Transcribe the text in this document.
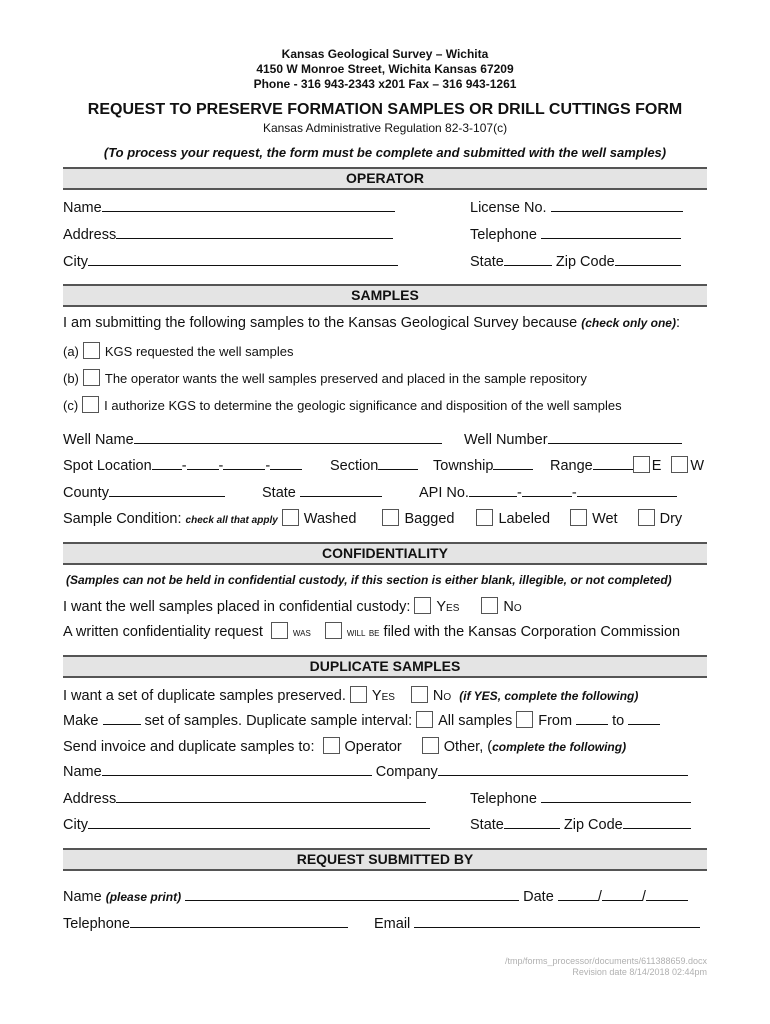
Kansas Geological Survey – Wichita
4150 W Monroe Street, Wichita Kansas 67209
Phone - 316 943-2343 x201 Fax – 316 943-1261
REQUEST TO PRESERVE FORMATION SAMPLES OR DRILL CUTTINGS FORM
Kansas Administrative Regulation 82-3-107(c)
(To process your request, the form must be complete and submitted with the well samples)
OPERATOR
Name	License No.
Address	Telephone
City	State	Zip Code
SAMPLES
I am submitting the following samples to the Kansas Geological Survey because (check only one):
(a) KGS requested the well samples
(b) The operator wants the well samples preserved and placed in the sample repository
(c) I authorize KGS to determine the geologic significance and disposition of the well samples
Well Name	Well Number
Spot Location - -	-	Section	Township	Range	E W
County	State	API No.	-	-
Sample Condition: check all that apply Washed	Bagged	Labeled	Wet	Dry
CONFIDENTIALITY
(Samples can not be held in confidential custody, if this section is either blank, illegible, or not completed)
I want the well samples placed in confidential custody: Yes	No
A written confidentiality request	was	will be filed with the Kansas Corporation Commission
DUPLICATE SAMPLES
I want a set of duplicate samples preserved. Yes	No (if YES, complete the following)
Make	set of samples. Duplicate sample interval: All samples From	to
Send invoice and duplicate samples to: Operator	Other, (complete the following)
Name	Company
Address	Telephone
City	State	Zip Code
REQUEST SUBMITTED BY
Name (please print)	Date	/	/
Telephone	Email
/tmp/forms_processor/documents/611388659.docx
Revision date 8/14/2018 02:44pm
